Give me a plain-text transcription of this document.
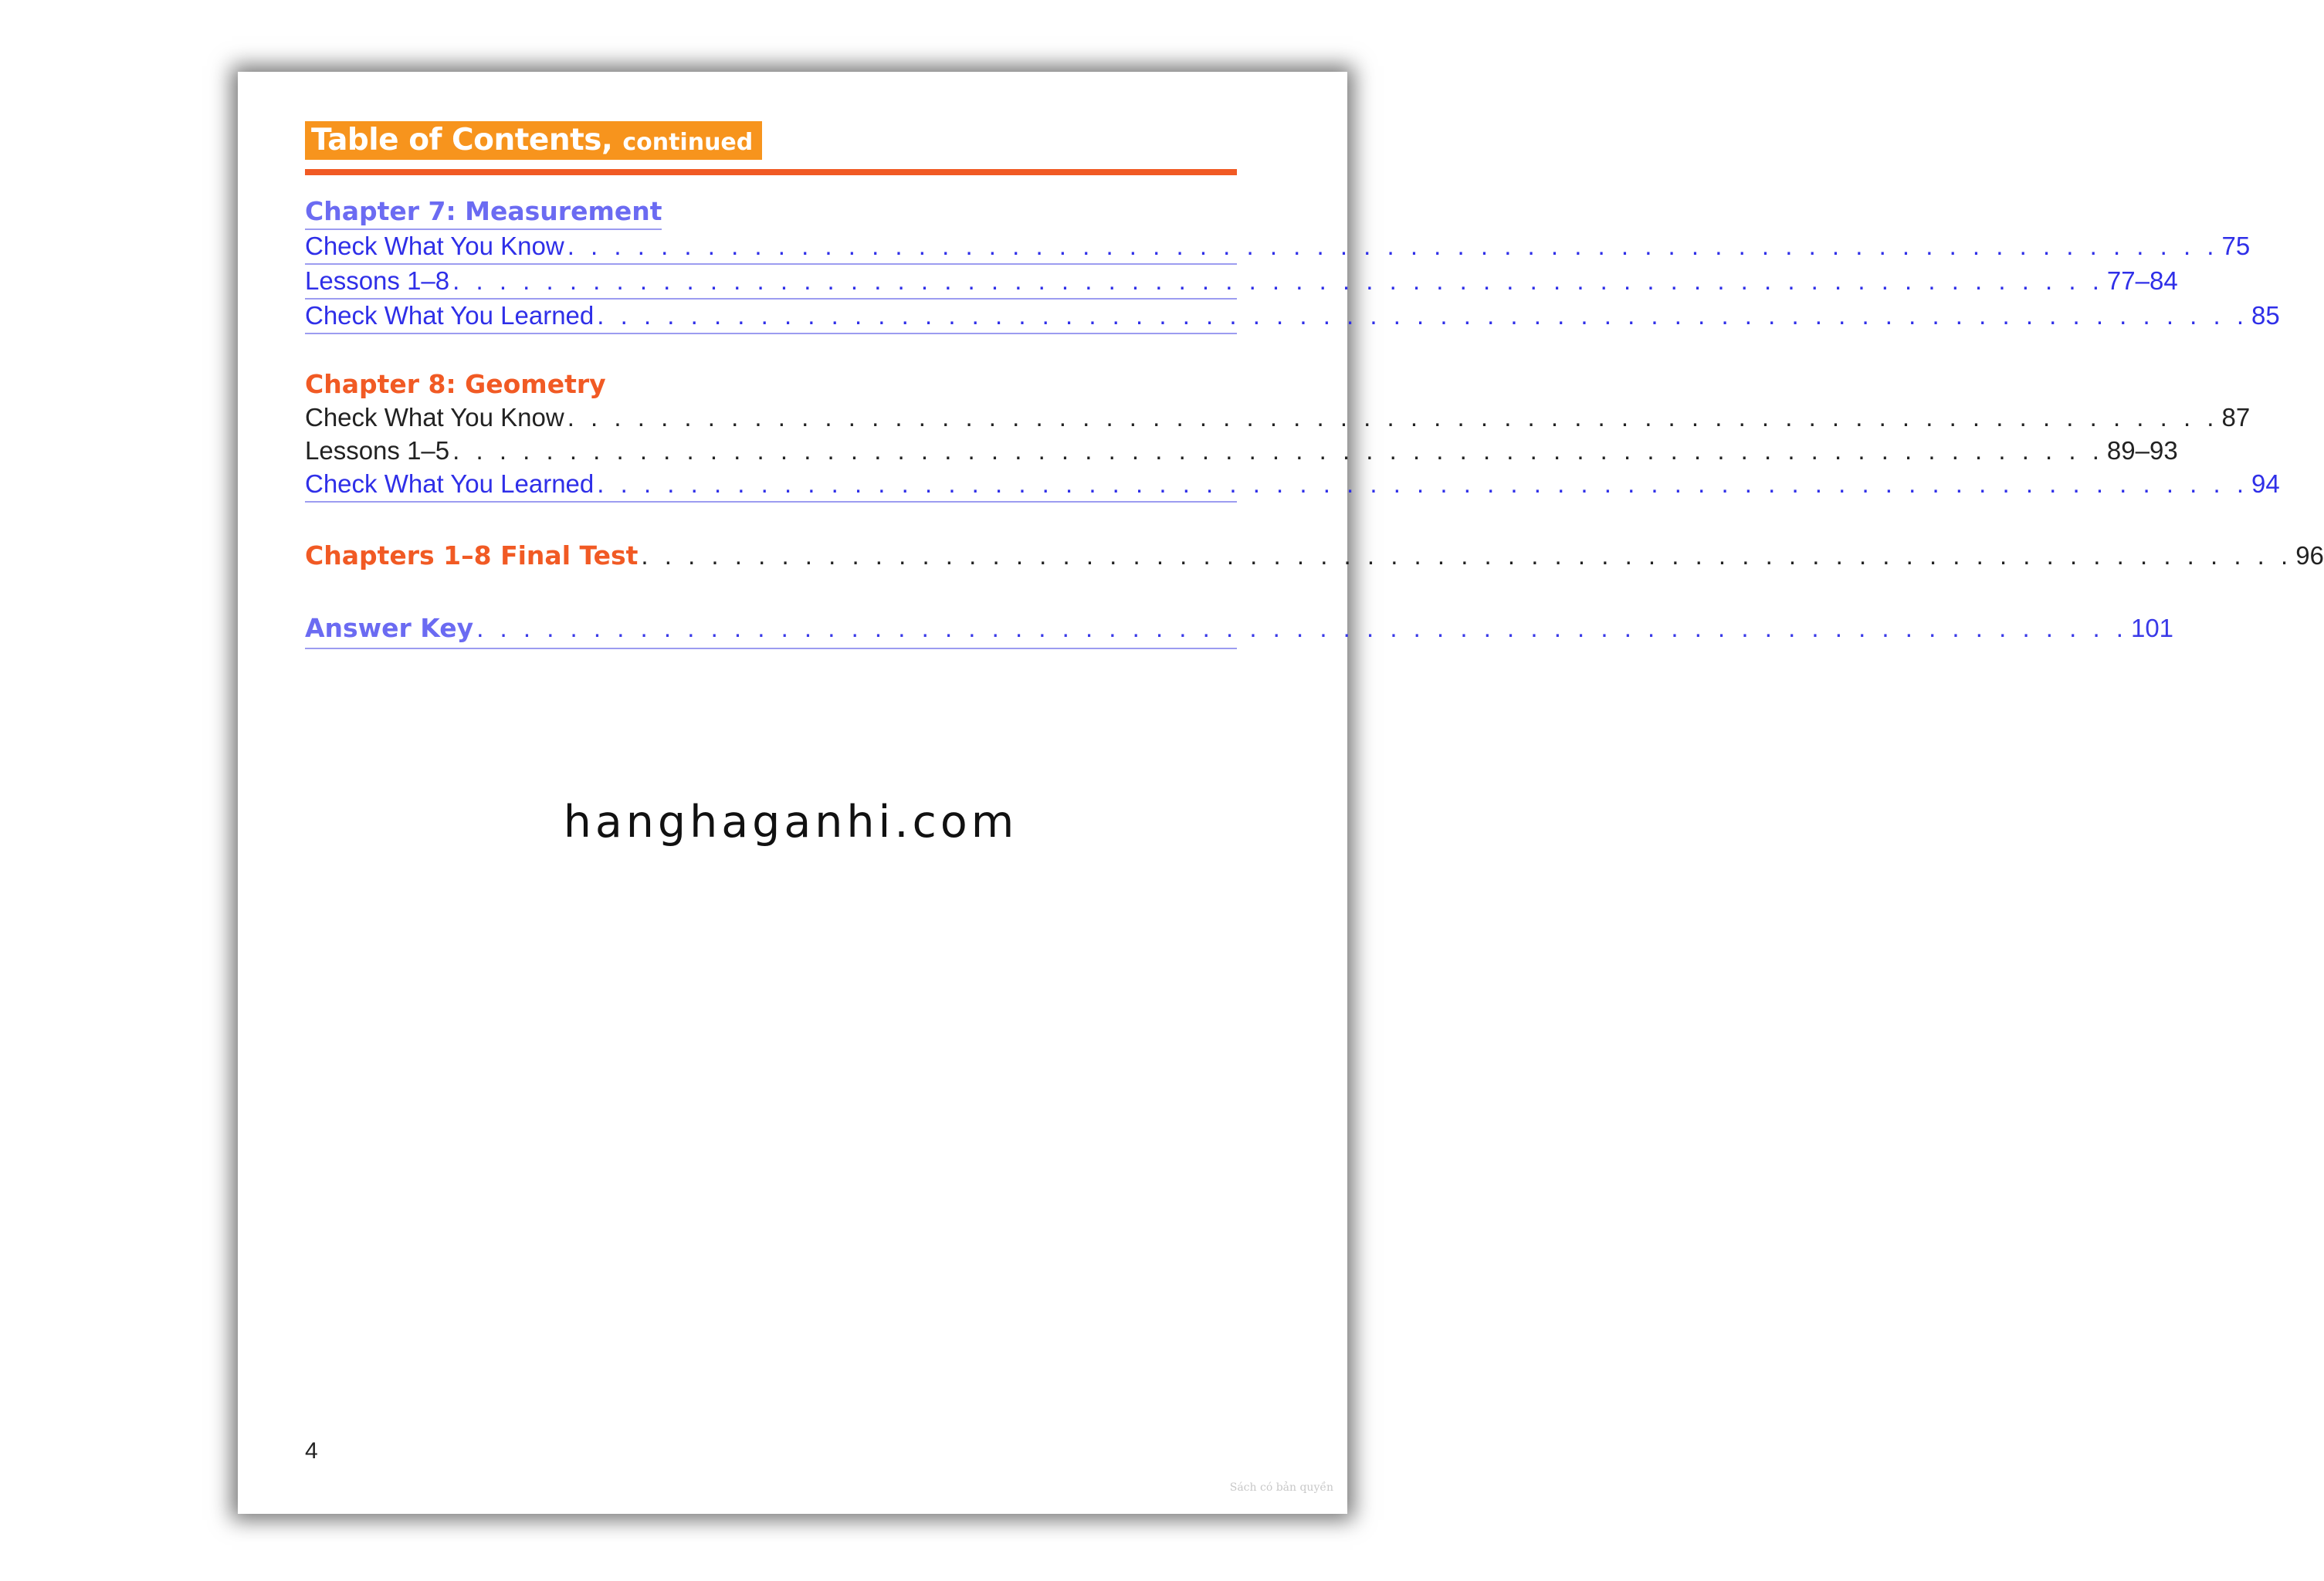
Table of Contents, continued
Chapter 7: Measurement
Check What You Know . . . . . . . . . . . . . . . . . . . . . . . . . . . . . . . . . . . . . . . . . . . . . . . . . . . . . . . . . . . . . . . . . . . . . . . 75
Lessons 1–8 . . . . . . . . . . . . . . . . . . . . . . . . . . . . . . . . . . . . . . . . . . . . . . . . . . . . . . . . . . . . . . . . . . . . . . . 77–84
Check What You Learned . . . . . . . . . . . . . . . . . . . . . . . . . . . . . . . . . . . . . . . . . . . . . . . . . . . . . . . . . . . . . . . . . . . . . . . 85
Chapter 8: Geometry
Check What You Know . . . . . . . . . . . . . . . . . . . . . . . . . . . . . . . . . . . . . . . . . . . . . . . . . . . . . . . . . . . . . . . . . . . . . . . 87
Lessons 1–5 . . . . . . . . . . . . . . . . . . . . . . . . . . . . . . . . . . . . . . . . . . . . . . . . . . . . . . . . . . . . . . . . . . . . . . . 89–93
Check What You Learned . . . . . . . . . . . . . . . . . . . . . . . . . . . . . . . . . . . . . . . . . . . . . . . . . . . . . . . . . . . . . . . . . . . . . . . 94
Chapters 1–8 Final Test . . . . . . . . . . . . . . . . . . . . . . . . . . . . . . . . . . . . . . . . . . . . . . . . . . . . . . . . . . . . . . . . . . . . . . . 96
Answer Key . . . . . . . . . . . . . . . . . . . . . . . . . . . . . . . . . . . . . . . . . . . . . . . . . . . . . . . . . . . . . . . . . . . . . . . 101
4
Sách có bản quyền
hanghaganhi.com
